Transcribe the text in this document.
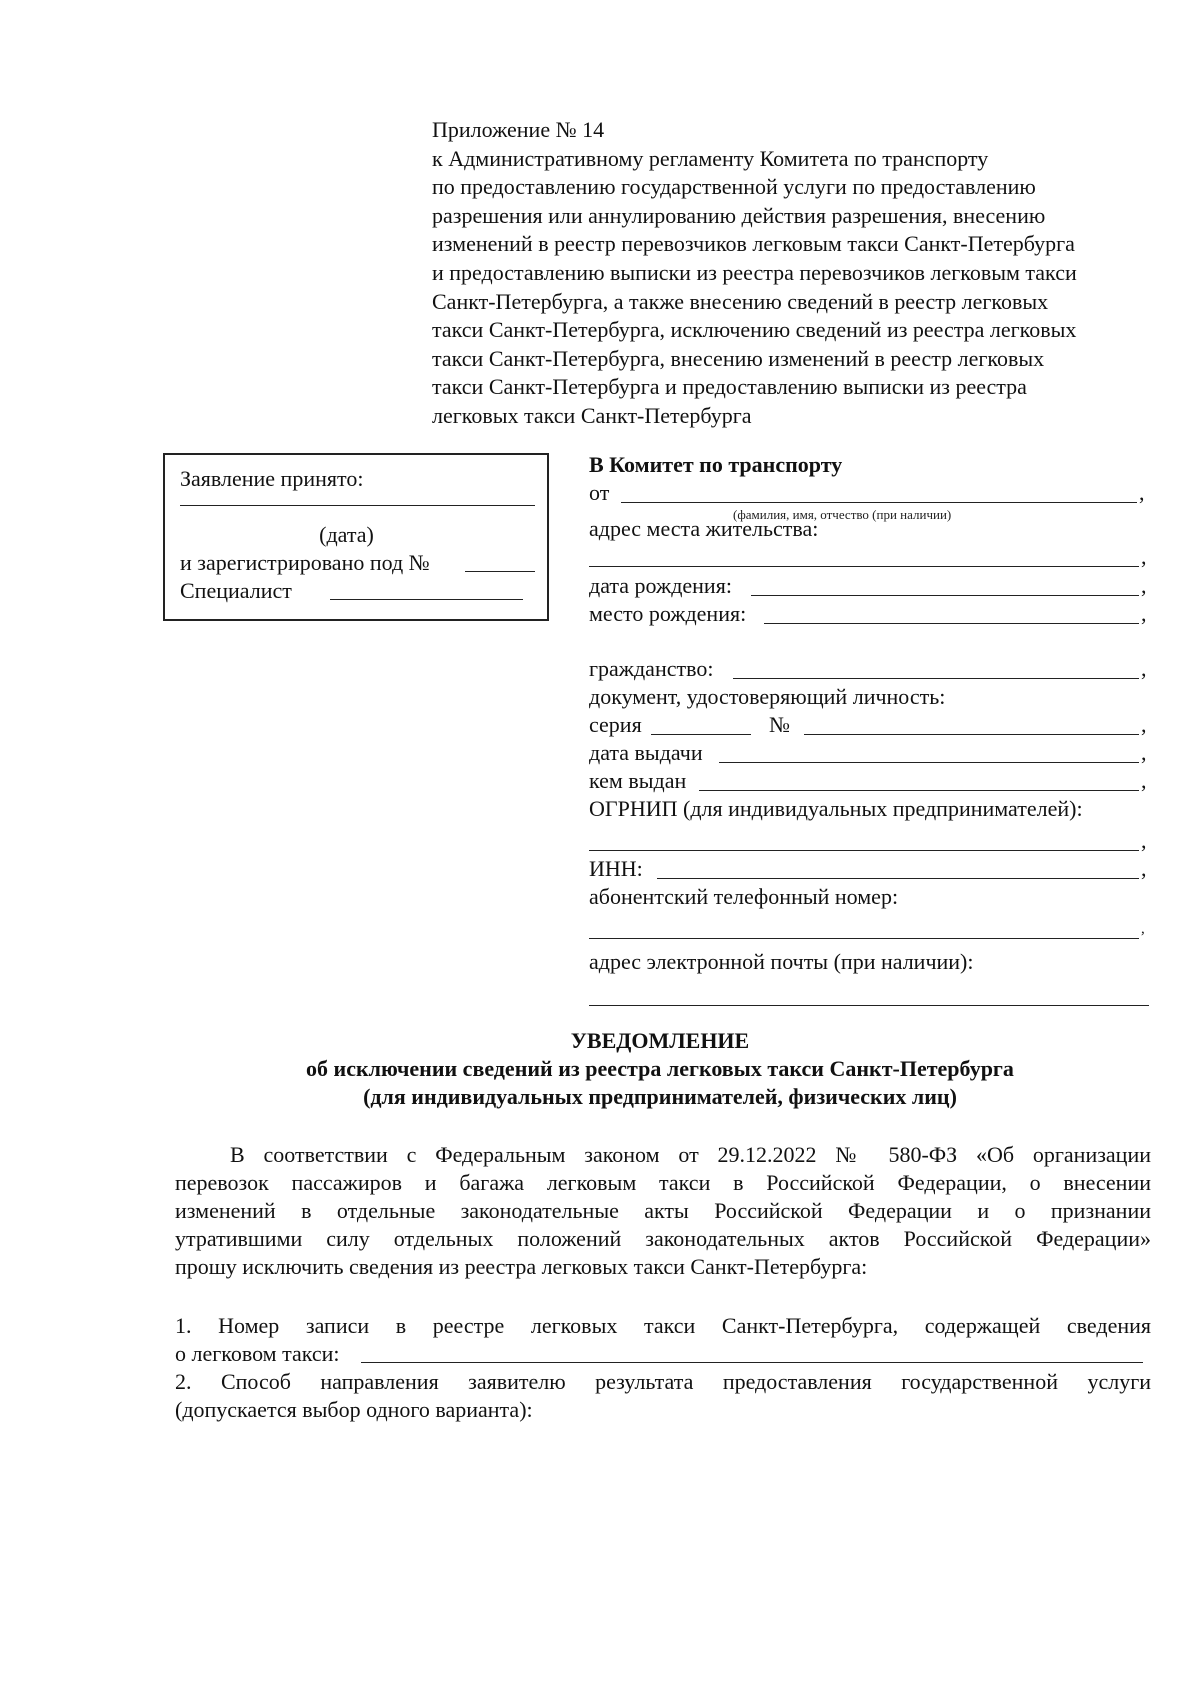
Приложение № 14
к Административному регламенту Комитета по транспорту
по предоставлению государственной услуги по предоставлению
разрешения или аннулированию действия разрешения, внесению
изменений в реестр перевозчиков легковым такси Санкт-Петербурга
и предоставлению выписки из реестра перевозчиков легковым такси
Санкт-Петербурга, а также внесению сведений в реестр легковых
такси Санкт-Петербурга, исключению сведений из реестра легковых
такси Санкт-Петербурга, внесению изменений в реестр легковых
такси Санкт-Петербурга и предоставлению выписки из реестра
легковых такси Санкт-Петербурга
Заявление принято:
(дата)
и зарегистрировано под №
Специалист
В Комитет по транспорту
от	,
(фамилия, имя, отчество (при наличии)
адрес места жительства:
,
дата рождения:	,
место рождения:	,
гражданство:	,
документ, удостоверяющий личность:
серия	№	,
дата выдачи	,
кем выдан	,
ОГРНИП (для индивидуальных предпринимателей):
,
ИНН:	,
абонентский телефонный номер:
,
адрес электронной почты (при наличии):
УВЕДОМЛЕНИЕ
об исключении сведений из реестра легковых такси Санкт-Петербурга
(для индивидуальных предпринимателей, физических лиц)
В соответствии с Федеральным законом от 29.12.2022 № 580-ФЗ «Об организации
перевозок пассажиров и багажа легковым такси в Российской Федерации, о внесении
изменений в отдельные законодательные акты Российской Федерации и о признании
утратившими силу отдельных положений законодательных актов Российской Федерации»
прошу исключить сведения из реестра легковых такси Санкт-Петербурга:
1. Номер записи в реестре легковых такси Санкт-Петербурга, содержащей сведения
о легковом такси:
2. Способ направления заявителю результата предоставления государственной услуги
(допускается выбор одного варианта):
